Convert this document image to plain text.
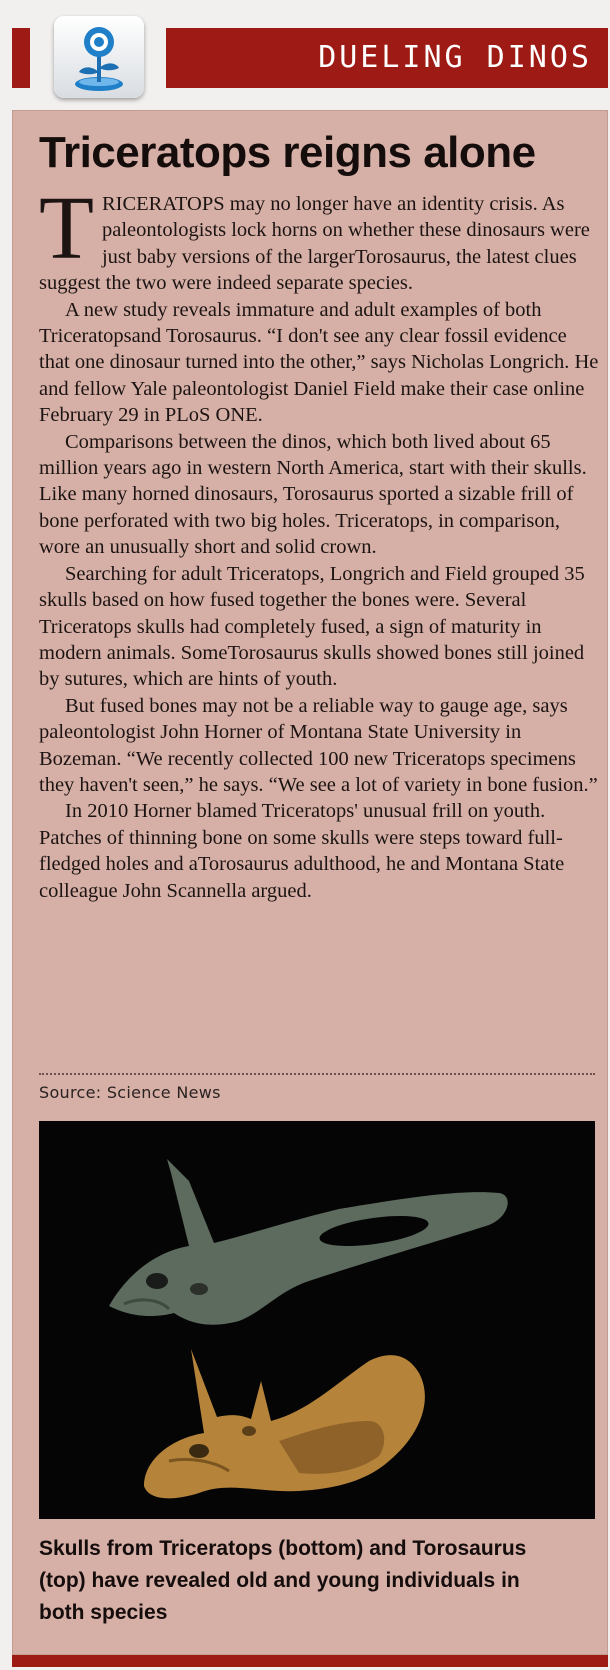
DUELING DINOS
Triceratops reigns alone

TRICERATOPS may no longer have an identity crisis. As paleontologists lock horns on whether these dinosaurs were just baby versions of the largerTorosaurus, the latest clues suggest the two were indeed separate species.

A new study reveals immature and adult examples of both Triceratopsand Torosaurus. “I don't see any clear fossil evidence that one dinosaur turned into the other,” says Nicholas Longrich. He and fellow Yale paleontologist Daniel Field make their case online February 29 in PLoS ONE.

Comparisons between the dinos, which both lived about 65 million years ago in western North America, start with their skulls. Like many horned dinosaurs, Torosaurus sported a sizable frill of bone perforated with two big holes. Triceratops, in comparison, wore an unusually short and solid crown.

Searching for adult Triceratops, Longrich and Field grouped 35 skulls based on how fused together the bones were. Several Triceratops skulls had completely fused, a sign of maturity in modern animals. SomeTorosaurus skulls showed bones still joined by sutures, which are hints of youth.

But fused bones may not be a reliable way to gauge age, says paleontologist John Horner of Montana State University in Bozeman. “We recently collected 100 new Triceratops specimens they haven't seen,” he says. “We see a lot of variety in bone fusion.”

In 2010 Horner blamed Triceratops' unusual frill on youth. Patches of thinning bone on some skulls were steps toward full-fledged holes and aTorosaurus adulthood, he and Montana State colleague John Scannella argued.

Source: Science News
Skulls from Triceratops (bottom) and Torosaurus (top) have revealed old and young individuals in both species
